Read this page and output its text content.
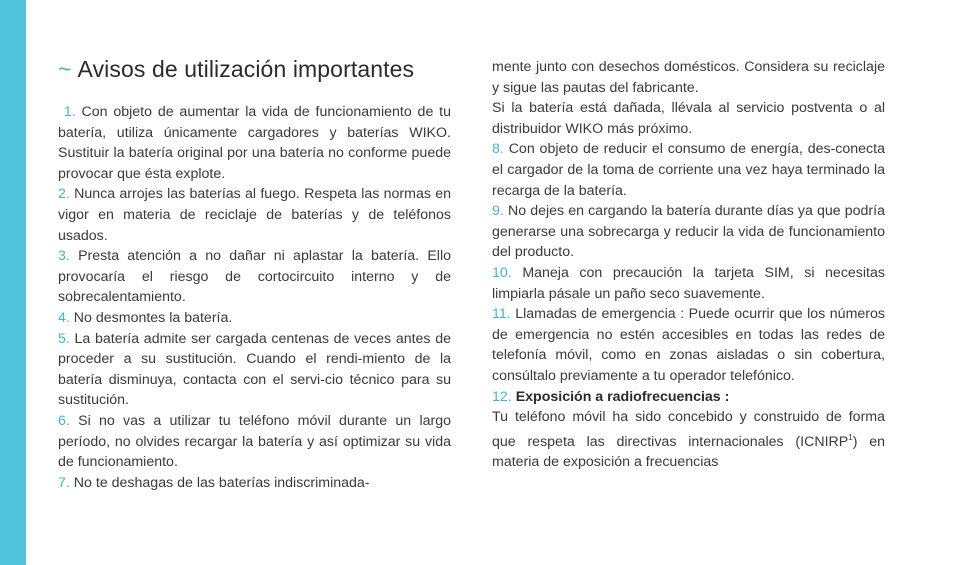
~ Avisos de utilización importantes

1. Con objeto de aumentar la vida de funcionamiento de tu batería, utiliza únicamente cargadores y baterías WIKO. Sustituir la batería original por una batería no conforme puede provocar que ésta explote.

2. Nunca arrojes las baterías al fuego. Respeta las normas en vigor en materia de reciclaje de baterías y de teléfonos usados.

3. Presta atención a no dañar ni aplastar la batería. Ello provocaría el riesgo de cortocircuito interno y de sobrecalentamiento.

4. No desmontes la batería.

5. La batería admite ser cargada centenas de veces antes de proceder a su sustitución. Cuando el rendi-miento de la batería disminuya, contacta con el servi-cio técnico para su sustitución.

6. Si no vas a utilizar tu teléfono móvil durante un largo período, no olvides recargar la batería y así optimizar su vida de funcionamiento.

7. No te deshagas de las baterías indiscriminada-

mente junto con desechos domésticos. Considera su reciclaje y sigue las pautas del fabricante.

Si la batería está dañada, llévala al servicio postventa o al distribuidor WIKO más próximo.

8. Con objeto de reducir el consumo de energía, des-conecta el cargador de la toma de corriente una vez haya terminado la recarga de la batería.

9. No dejes en cargando la batería durante días ya que podría generarse una sobrecarga y reducir la vida de funcionamiento del producto.

10. Maneja con precaución la tarjeta SIM, si necesitas limpiarla pásale un paño seco suavemente.

11. Llamadas de emergencia : Puede ocurrir que los números de emergencia no estén accesibles en todas las redes de telefonía móvil, como en zonas aisladas o sin cobertura, consúltalo previamente a tu operador telefónico.

12. Exposición a radiofrecuencias :

Tu teléfono móvil ha sido concebido y construido de forma que respeta las directivas internacionales (ICNIRP$^1$) en materia de exposición a frecuencias
